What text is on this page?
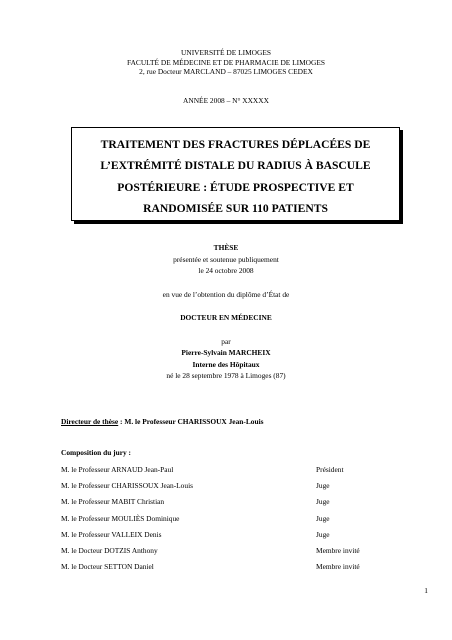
UNIVERSITÉ DE LIMOGES
FACULTÉ DE MÉDECINE ET DE PHARMACIE DE LIMOGES
2, rue Docteur MARCLAND – 87025 LIMOGES CEDEX
ANNÉE 2008 – N° XXXXX
TRAITEMENT DES FRACTURES DÉPLACÉES DE
L’EXTRÉMITÉ DISTALE DU RADIUS À BASCULE
POSTÉRIEURE : ÉTUDE PROSPECTIVE ET
RANDOMISÉE SUR 110 PATIENTS
THÈSE
présentée et soutenue publiquement
le 24 octobre 2008
en vue de l’obtention du diplôme d’État de
DOCTEUR EN MÉDECINE
par
Pierre-Sylvain MARCHEIX
Interne des Hôpitaux
né le 28 septembre 1978 à Limoges (87)
Directeur de thèse : M. le Professeur CHARISSOUX Jean-Louis
Composition du jury :
M. le Professeur ARNAUD Jean-Paul	Président
M. le Professeur CHARISSOUX Jean-Louis	Juge
M. le Professeur MABIT Christian	Juge
M. le Professeur MOULIÈS Dominique	Juge
M. le Professeur VALLEIX Denis	Juge
M. le Docteur DOTZIS Anthony	Membre invité
M. le Docteur SETTON Daniel	Membre invité
1
